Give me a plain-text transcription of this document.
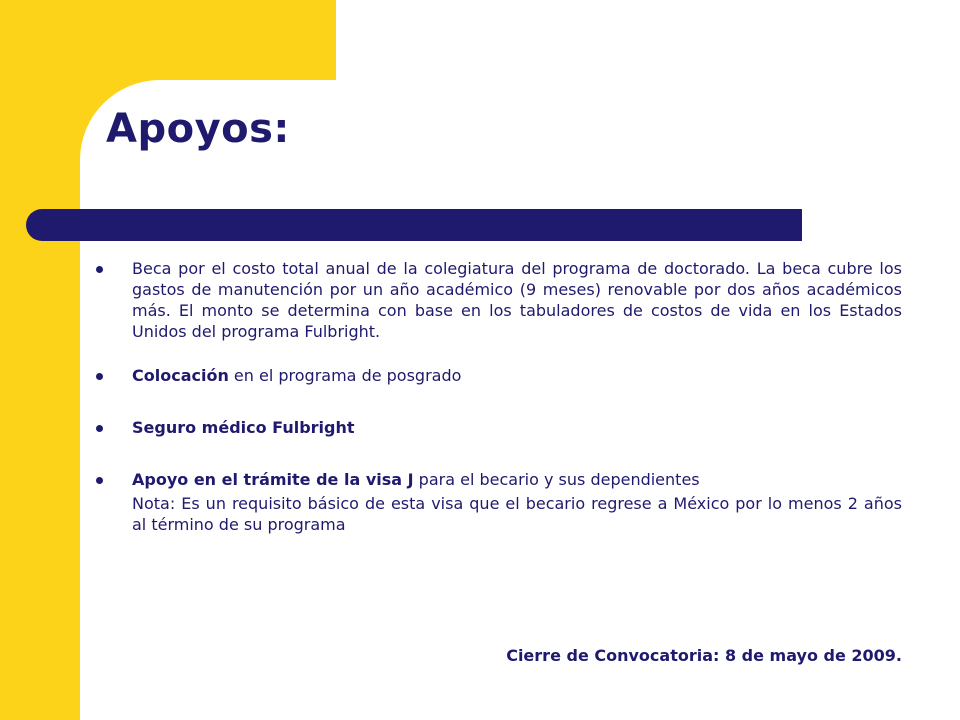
Apoyos:
Beca por el costo total anual de la colegiatura del programa de doctorado. La beca cubre los gastos de manutención por un año académico (9 meses) renovable por dos años académicos más. El monto se determina con base en los tabuladores de costos de vida en los Estados Unidos del programa Fulbright.
Colocación en el programa de posgrado
Seguro médico Fulbright
Apoyo en el trámite de la visa J para el becario y sus dependientes
Nota: Es un requisito básico de esta visa que el becario regrese a México por lo menos 2 años al término de su programa
Cierre de Convocatoria: 8 de mayo de 2009.
